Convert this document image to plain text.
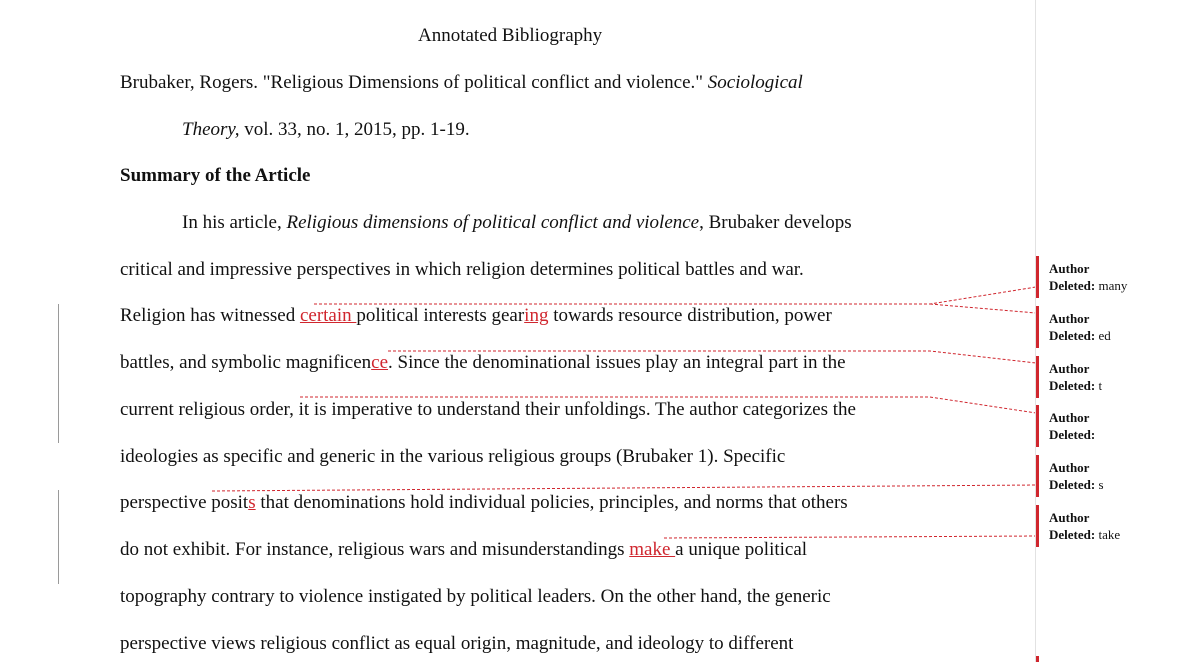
Annotated Bibliography
Brubaker, Rogers. "Religious Dimensions of political conflict and violence." Sociological
Theory, vol. 33, no. 1, 2015, pp. 1-19.
Summary of the Article
In his article, Religious dimensions of political conflict and violence, Brubaker develops
critical and impressive perspectives in which religion determines political battles and war.
Religion has witnessed certain political interests gearing towards resource distribution, power
battles, and symbolic magnificence. Since the denominational issues play an integral part in the
current religious order, it is imperative to understand their unfoldings. The author categorizes the
ideologies as specific and generic in the various religious groups (Brubaker 1). Specific
perspective posits that denominations hold individual policies, principles, and norms that others
do not exhibit. For instance, religious wars and misunderstandings make a unique political
topography contrary to violence instigated by political leaders. On the other hand, the generic
perspective views religious conflict as equal origin, magnitude, and ideology to different
Author
Deleted: many
Author
Deleted: ed
Author
Deleted: t
Author
Deleted:
Author
Deleted: s
Author
Deleted: take
